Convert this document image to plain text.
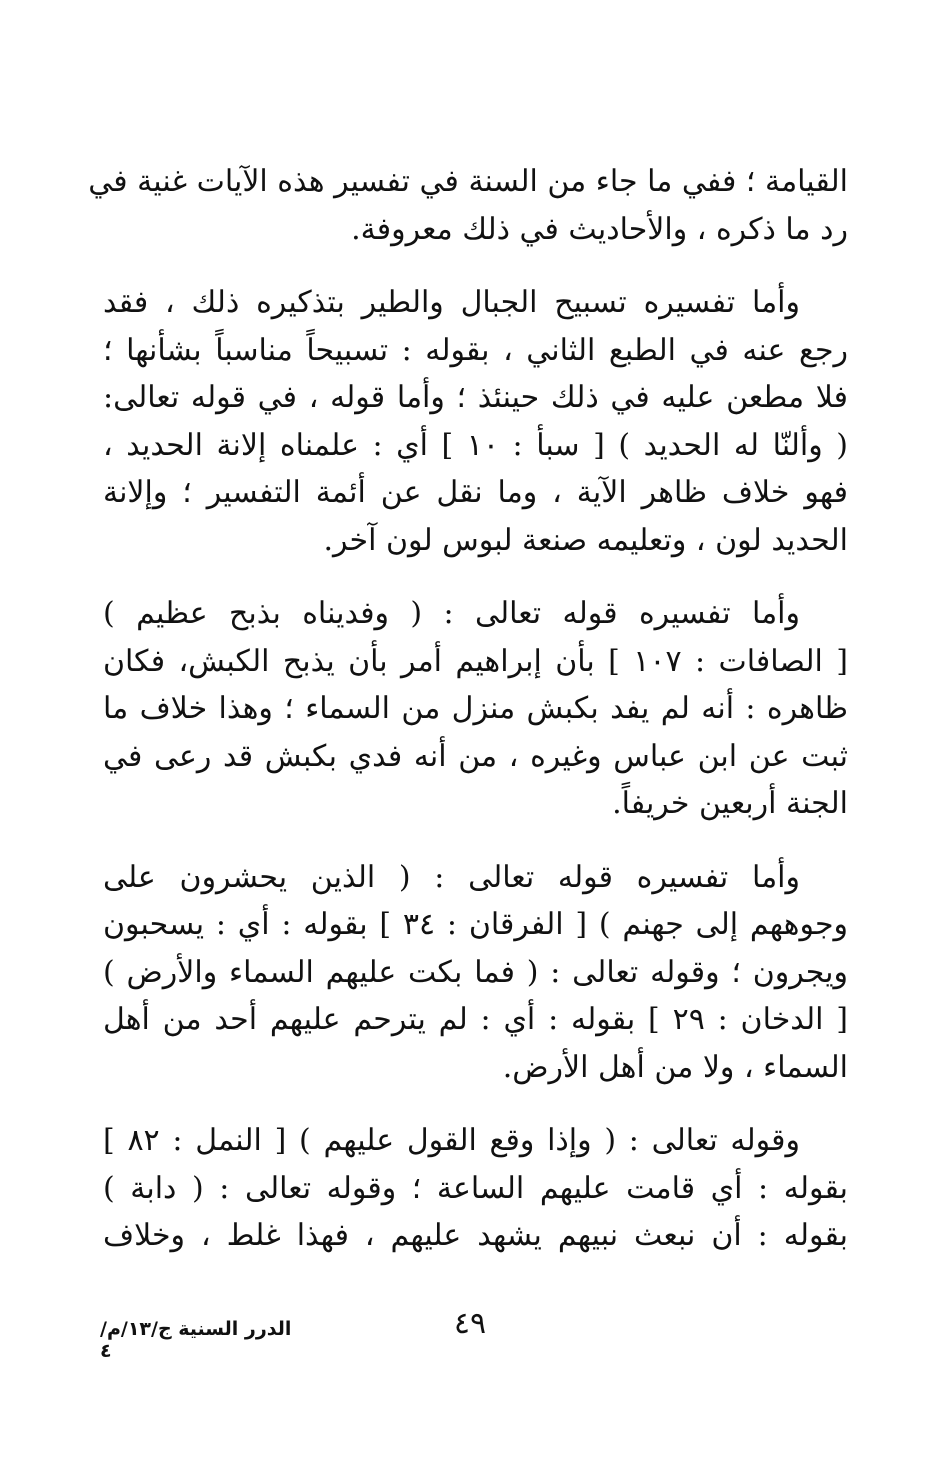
القيامة ؛ ففي ما جاء من السنة في تفسير هذه الآيات غنية في
رد ما ذكره ، والأحاديث في ذلك معروفة.
وأما تفسيره تسبيح الجبال والطير بتذكيره ذلك ، فقد
رجع عنه في الطبع الثاني ، بقوله : تسبيحاً مناسباً بشأنها ؛
فلا مطعن عليه في ذلك حينئذ ؛ وأما قوله ، في قوله تعالى:
( وألنّا له الحديد ) [ سبأ : ١٠ ] أي : علمناه إلانة الحديد ،
فهو خلاف ظاهر الآية ، وما نقل عن أئمة التفسير ؛ وإلانة
الحديد لون ، وتعليمه صنعة لبوس لون آخر.
وأما تفسيره قوله تعالى : ( وفديناه بذبح عظيم )
[ الصافات : ١٠٧ ] بأن إبراهيم أمر بأن يذبح الكبش، فكان
ظاهره : أنه لم يفد بكبش منزل من السماء ؛ وهذا خلاف ما
ثبت عن ابن عباس وغيره ، من أنه فدي بكبش قد رعى في
الجنة أربعين خريفاً.
وأما تفسيره قوله تعالى : ( الذين يحشرون على
وجوههم إلى جهنم ) [ الفرقان : ٣٤ ] بقوله : أي : يسحبون
ويجرون ؛ وقوله تعالى : ( فما بكت عليهم السماء والأرض )
[ الدخان : ٢٩ ] بقوله : أي : لم يترحم عليهم أحد من أهل
السماء ، ولا من أهل الأرض.
وقوله تعالى : ( وإذا وقع القول عليهم ) [ النمل : ٨٢ ]
بقوله : أي قامت عليهم الساعة ؛ وقوله تعالى : ( دابة )
بقوله : أن نبعث نبيهم يشهد عليهم ، فهذا غلط ، وخلاف
٤٩
الدرر السنية ج/١٣/م/٤
